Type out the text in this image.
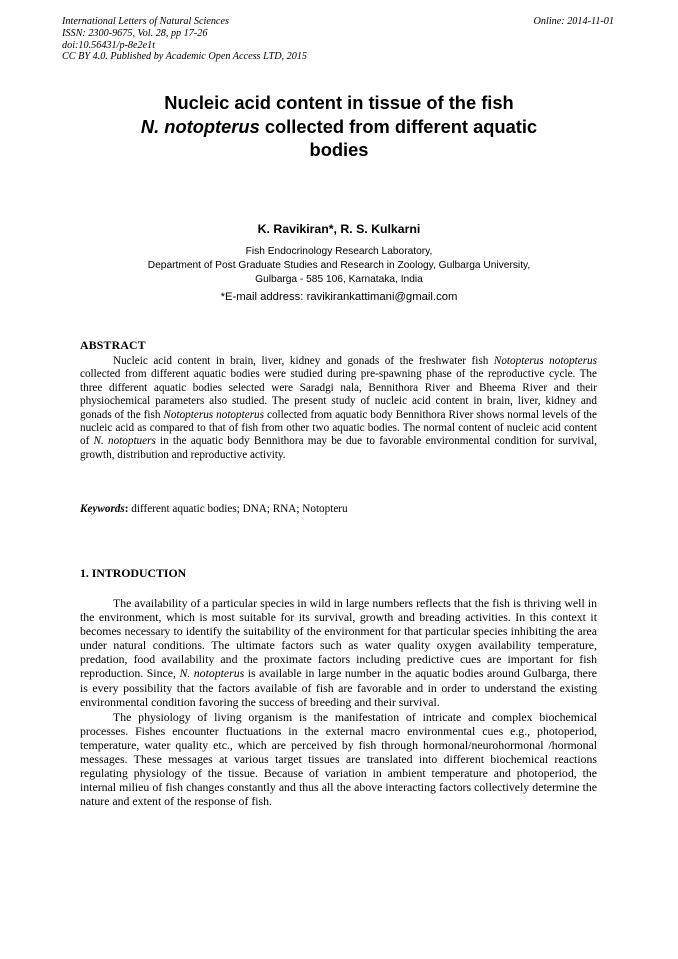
International Letters of Natural Sciences
ISSN: 2300-9675, Vol. 28, pp 17-26
doi:10.56431/p-8e2e1t
CC BY 4.0. Published by Academic Open Access LTD, 2015
Online: 2014-11-01
Nucleic acid content in tissue of the fish
N. notopterus collected from different aquatic
bodies
K. Ravikiran*, R. S. Kulkarni
Fish Endocrinology Research Laboratory,
Department of Post Graduate Studies and Research in Zoology, Gulbarga University,
Gulbarga - 585 106, Karnataka, India
*E-mail address: ravikirankattimani@gmail.com
ABSTRACT

Nucleic acid content in brain, liver, kidney and gonads of the freshwater fish Notopterus notopterus collected from different aquatic bodies were studied during pre-spawning phase of the reproductive cycle. The three different aquatic bodies selected were Saradgi nala, Bennithora River and Bheema River and their physiochemical parameters also studied. The present study of nucleic acid content in brain, liver, kidney and gonads of the fish Notopterus notopterus collected from aquatic body Bennithora River shows normal levels of the nucleic acid as compared to that of fish from other two aquatic bodies. The normal content of nucleic acid content of N. notoptuers in the aquatic body Bennithora may be due to favorable environmental condition for survival, growth, distribution and reproductive activity.

Keywords: different aquatic bodies; DNA; RNA; Notopteru

1. INTRODUCTION

The availability of a particular species in wild in large numbers reflects that the fish is thriving well in the environment, which is most suitable for its survival, growth and breading activities. In this context it becomes necessary to identify the suitability of the environment for that particular species inhibiting the area under natural conditions. The ultimate factors such as water quality oxygen availability temperature, predation, food availability and the proximate factors including predictive cues are important for fish reproduction. Since, N. notopterus is available in large number in the aquatic bodies around Gulbarga, there is every possibility that the factors available of fish are favorable and in order to understand the existing environmental condition favoring the success of breeding and their survival.

The physiology of living organism is the manifestation of intricate and complex biochemical processes. Fishes encounter fluctuations in the external macro environmental cues e.g., photoperiod, temperature, water quality etc., which are perceived by fish through hormonal/neurohormonal /hormonal messages. These messages at various target tissues are translated into different biochemical reactions regulating physiology of the tissue. Because of variation in ambient temperature and photoperiod, the internal milieu of fish changes constantly and thus all the above interacting factors collectively determine the nature and extent of the response of fish.
